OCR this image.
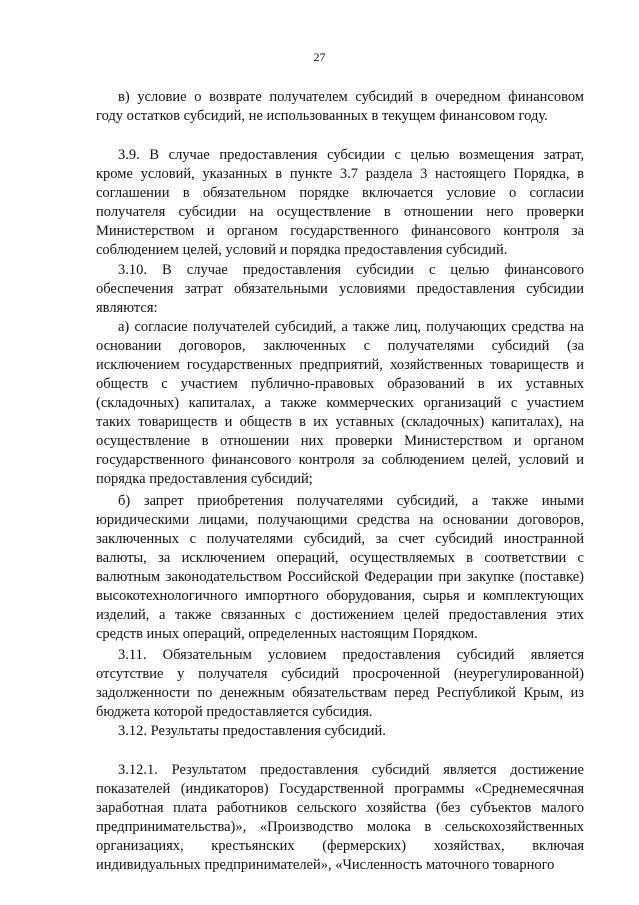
27
в) условие о возврате получателем субсидий в очередном финансовом
году остатков субсидий, не использованных в текущем финансовом году.
3.9. В случае предоставления субсидии с целью возмещения затрат,
кроме условий, указанных в пункте 3.7 раздела 3 настоящего Порядка, в
соглашении в обязательном порядке включается условие о согласии
получателя субсидии на осуществление в отношении него проверки
Министерством и органом государственного финансового контроля за
соблюдением целей, условий и порядка предоставления субсидий.
3.10. В случае предоставления субсидии с целью финансового
обеспечения затрат обязательными условиями предоставления субсидии
являются:
а) согласие получателей субсидий, а также лиц, получающих средства на
основании договоров, заключенных с получателями субсидий (за
исключением государственных предприятий, хозяйственных товариществ и
обществ с участием публично-правовых образований в их уставных
(складочных) капиталах, а также коммерческих организаций с участием
таких товариществ и обществ в их уставных (складочных) капиталах), на
осуществление в отношении них проверки Министерством и органом
государственного финансового контроля за соблюдением целей, условий и
порядка предоставления субсидий;
б) запрет приобретения получателями субсидий, а также иными
юридическими лицами, получающими средства на основании договоров,
заключенных с получателями субсидий, за счет субсидий иностранной
валюты, за исключением операций, осуществляемых в соответствии с
валютным законодательством Российской Федерации при закупке (поставке)
высокотехнологичного импортного оборудования, сырья и комплектующих
изделий, а также связанных с достижением целей предоставления этих
средств иных операций, определенных настоящим Порядком.
3.11. Обязательным условием предоставления субсидий является
отсутствие у получателя субсидий просроченной (неурегулированной)
задолженности по денежным обязательствам перед Республикой Крым, из
бюджета которой предоставляется субсидия.
3.12. Результаты предоставления субсидий.
3.12.1. Результатом предоставления субсидий является достижение
показателей (индикаторов) Государственной программы «Среднемесячная
заработная плата работников сельского хозяйства (без субъектов малого
предпринимательства)», «Производство молока в сельскохозяйственных
организациях, крестьянских (фермерских) хозяйствах, включая
индивидуальных предпринимателей», «Численность маточного товарного
